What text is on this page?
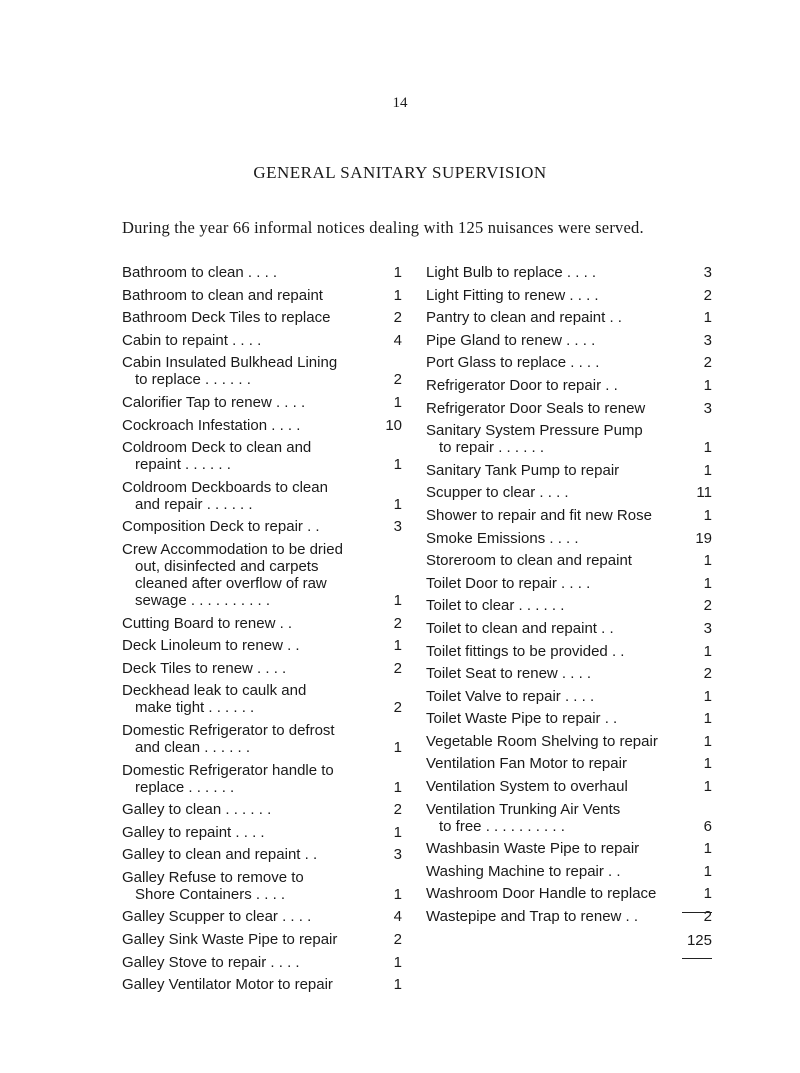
14
GENERAL SANITARY SUPERVISION
During the year 66 informal notices dealing with 125 nuisances were served.
Bathroom to clean . . . .	1
Bathroom to clean and repaint	1
Bathroom Deck Tiles to replace	2
Cabin to repaint . . . .	4
Cabin Insulated Bulkhead Lining
to replace . . . . . .	2
Calorifier Tap to renew . . . .	1
Cockroach Infestation . . . .	10
Coldroom Deck to clean and
repaint . . . . . .	1
Coldroom Deckboards to clean
and repair . . . . . .	1
Composition Deck to repair . .	3
Crew Accommodation to be dried
out, disinfected and carpets
cleaned after overflow of raw
sewage . . . . . . . . . .	1
Cutting Board to renew . .	2
Deck Linoleum to renew . .	1
Deck Tiles to renew . . . .	2
Deckhead leak to caulk and
make tight . . . . . .	2
Domestic Refrigerator to defrost
and clean . . . . . .	1
Domestic Refrigerator handle to
replace . . . . . .	1
Galley to clean . . . . . .	2
Galley to repaint . . . .	1
Galley to clean and repaint . .	3
Galley Refuse to remove to
Shore Containers . . . .	1
Galley Scupper to clear . . . .	4
Galley Sink Waste Pipe to repair	2
Galley Stove to repair . . . .	1
Galley Ventilator Motor to repair	1
Light Bulb to replace . . . .	3
Light Fitting to renew . . . .	2
Pantry to clean and repaint . .	1
Pipe Gland to renew . . . .	3
Port Glass to replace . . . .	2
Refrigerator Door to repair . .	1
Refrigerator Door Seals to renew	3
Sanitary System Pressure Pump
to repair . . . . . .	1
Sanitary Tank Pump to repair	1
Scupper to clear . . . .	11
Shower to repair and fit new Rose	1
Smoke Emissions . . . .	19
Storeroom to clean and repaint	1
Toilet Door to repair . . . .	1
Toilet to clear . . . . . .	2
Toilet to clean and repaint . .	3
Toilet fittings to be provided . .	1
Toilet Seat to renew . . . .	2
Toilet Valve to repair . . . .	1
Toilet Waste Pipe to repair . .	1
Vegetable Room Shelving to repair	1
Ventilation Fan Motor to repair	1
Ventilation System to overhaul	1
Ventilation Trunking Air Vents
to free . . . . . . . . . .	6
Washbasin Waste Pipe to repair	1
Washing Machine to repair . .	1
Washroom Door Handle to replace	1
Wastepipe and Trap to renew . .	2
125
